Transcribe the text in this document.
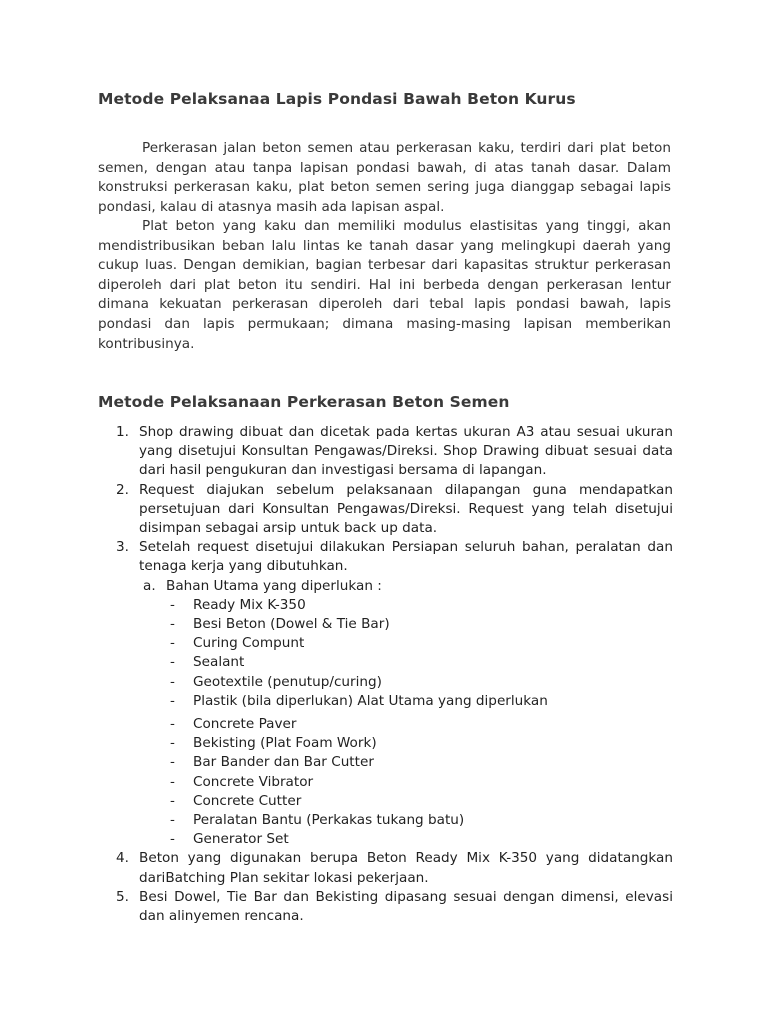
Metode Pelaksanaa Lapis Pondasi Bawah Beton Kurus

Perkerasan jalan beton semen atau perkerasan kaku, terdiri dari plat beton semen, dengan atau tanpa lapisan pondasi bawah, di atas tanah dasar. Dalam konstruksi perkerasan kaku, plat beton semen sering juga dianggap sebagai lapis pondasi, kalau di atasnya masih ada lapisan aspal.

Plat beton yang kaku dan memiliki modulus elastisitas yang tinggi, akan mendistribusikan beban lalu lintas ke tanah dasar yang melingkupi daerah yang cukup luas. Dengan demikian, bagian terbesar dari kapasitas struktur perkerasan diperoleh dari plat beton itu sendiri. Hal ini berbeda dengan perkerasan lentur dimana kekuatan perkerasan diperoleh dari tebal lapis pondasi bawah, lapis pondasi dan lapis permukaan; dimana masing-masing lapisan memberikan kontribusinya.

Metode Pelaksanaan Perkerasan Beton Semen
1. Shop drawing dibuat dan dicetak pada kertas ukuran A3 atau sesuai ukuran yang disetujui Konsultan Pengawas/Direksi. Shop Drawing dibuat sesuai data dari hasil pengukuran dan investigasi bersama di lapangan.
2. Request diajukan sebelum pelaksanaan dilapangan guna mendapatkan persetujuan dari Konsultan Pengawas/Direksi. Request yang telah disetujui disimpan sebagai arsip untuk back up data.
3. Setelah request disetujui dilakukan Persiapan seluruh bahan, peralatan dan tenaga kerja yang dibutuhkan.
a. Bahan Utama yang diperlukan :
- Ready Mix K-350
- Besi Beton (Dowel & Tie Bar)
- Curing Compunt
- Sealant
- Geotextile (penutup/curing)
- Plastik (bila diperlukan) Alat Utama yang diperlukan
- Concrete Paver
- Bekisting (Plat Foam Work)
- Bar Bander dan Bar Cutter
- Concrete Vibrator
- Concrete Cutter
- Peralatan Bantu (Perkakas tukang batu)
- Generator Set
4. Beton yang digunakan berupa Beton Ready Mix K-350 yang didatangkan dariBatching Plan sekitar lokasi pekerjaan.
5. Besi Dowel, Tie Bar dan Bekisting dipasang sesuai dengan dimensi, elevasi dan alinyemen rencana.
